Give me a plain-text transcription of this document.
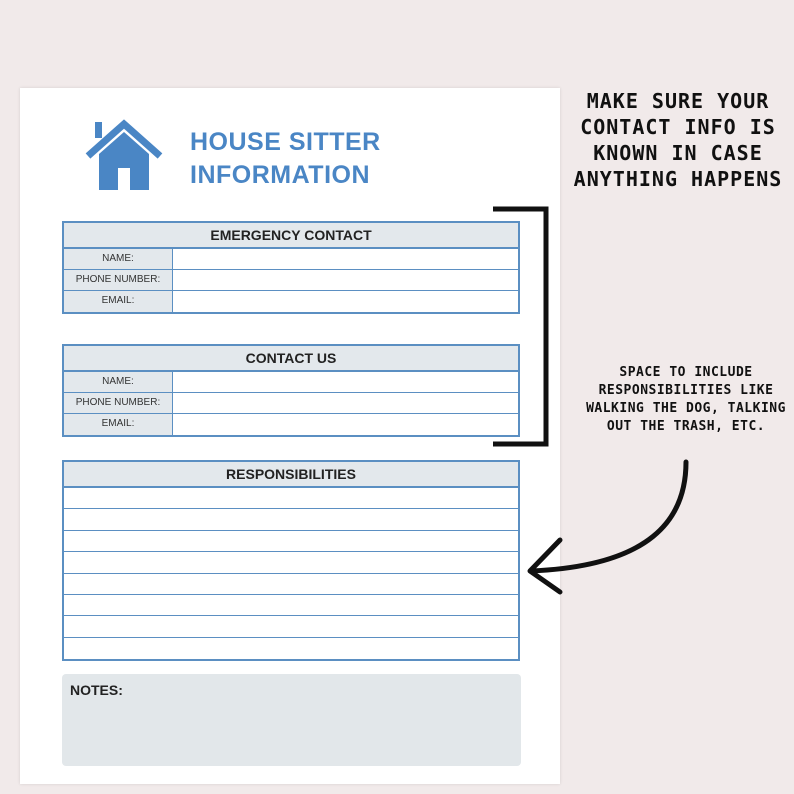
HOUSE SITTER
INFORMATION
EMERGENCY CONTACT
NAME:
PHONE NUMBER:
EMAIL:
CONTACT US
NAME:
PHONE NUMBER:
EMAIL:
RESPONSIBILITIES
NOTES:
MAKE SURE YOUR CONTACT INFO IS KNOWN IN CASE ANYTHING HAPPENS
SPACE TO INCLUDE RESPONSIBILITIES LIKE WALKING THE DOG, TALKING OUT THE TRASH, ETC.
